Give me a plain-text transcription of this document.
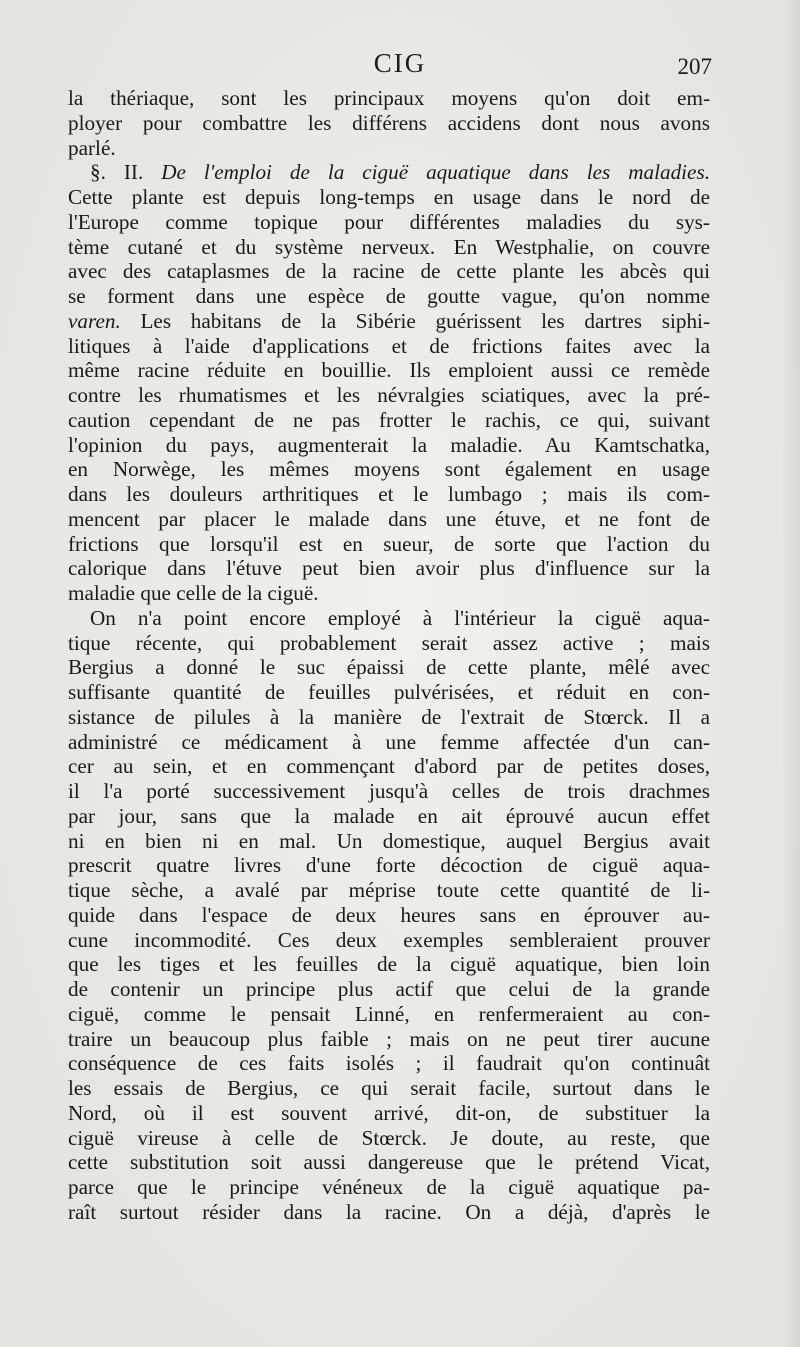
CIG	207
la thériaque, sont les principaux moyens qu'on doit em-
ployer pour combattre les différens accidens dont nous avons
parlé.
§. II. De l'emploi de la ciguë aquatique dans les maladies.
Cette plante est depuis long-temps en usage dans le nord de
l'Europe comme topique pour différentes maladies du sys-
tème cutané et du système nerveux. En Westphalie, on couvre
avec des cataplasmes de la racine de cette plante les abcès qui
se forment dans une espèce de goutte vague, qu'on nomme
varen. Les habitans de la Sibérie guérissent les dartres siphi-
litiques à l'aide d'applications et de frictions faites avec la
même racine réduite en bouillie. Ils emploient aussi ce remède
contre les rhumatismes et les névralgies sciatiques, avec la pré-
caution cependant de ne pas frotter le rachis, ce qui, suivant
l'opinion du pays, augmenterait la maladie. Au Kamtschatka,
en Norwège, les mêmes moyens sont également en usage
dans les douleurs arthritiques et le lumbago ; mais ils com-
mencent par placer le malade dans une étuve, et ne font de
frictions que lorsqu'il est en sueur, de sorte que l'action du
calorique dans l'étuve peut bien avoir plus d'influence sur la
maladie que celle de la ciguë.
On n'a point encore employé à l'intérieur la ciguë aqua-
tique récente, qui probablement serait assez active ; mais
Bergius a donné le suc épaissi de cette plante, mêlé avec
suffisante quantité de feuilles pulvérisées, et réduit en con-
sistance de pilules à la manière de l'extrait de Stœrck. Il a
administré ce médicament à une femme affectée d'un can-
cer au sein, et en commençant d'abord par de petites doses,
il l'a porté successivement jusqu'à celles de trois drachmes
par jour, sans que la malade en ait éprouvé aucun effet
ni en bien ni en mal. Un domestique, auquel Bergius avait
prescrit quatre livres d'une forte décoction de ciguë aqua-
tique sèche, a avalé par méprise toute cette quantité de li-
quide dans l'espace de deux heures sans en éprouver au-
cune incommodité. Ces deux exemples sembleraient prouver
que les tiges et les feuilles de la ciguë aquatique, bien loin
de contenir un principe plus actif que celui de la grande
ciguë, comme le pensait Linné, en renfermeraient au con-
traire un beaucoup plus faible ; mais on ne peut tirer aucune
conséquence de ces faits isolés ; il faudrait qu'on continuât
les essais de Bergius, ce qui serait facile, surtout dans le
Nord, où il est souvent arrivé, dit-on, de substituer la
ciguë vireuse à celle de Stœrck. Je doute, au reste, que
cette substitution soit aussi dangereuse que le prétend Vicat,
parce que le principe vénéneux de la ciguë aquatique pa-
raît surtout résider dans la racine. On a déjà, d'après le
